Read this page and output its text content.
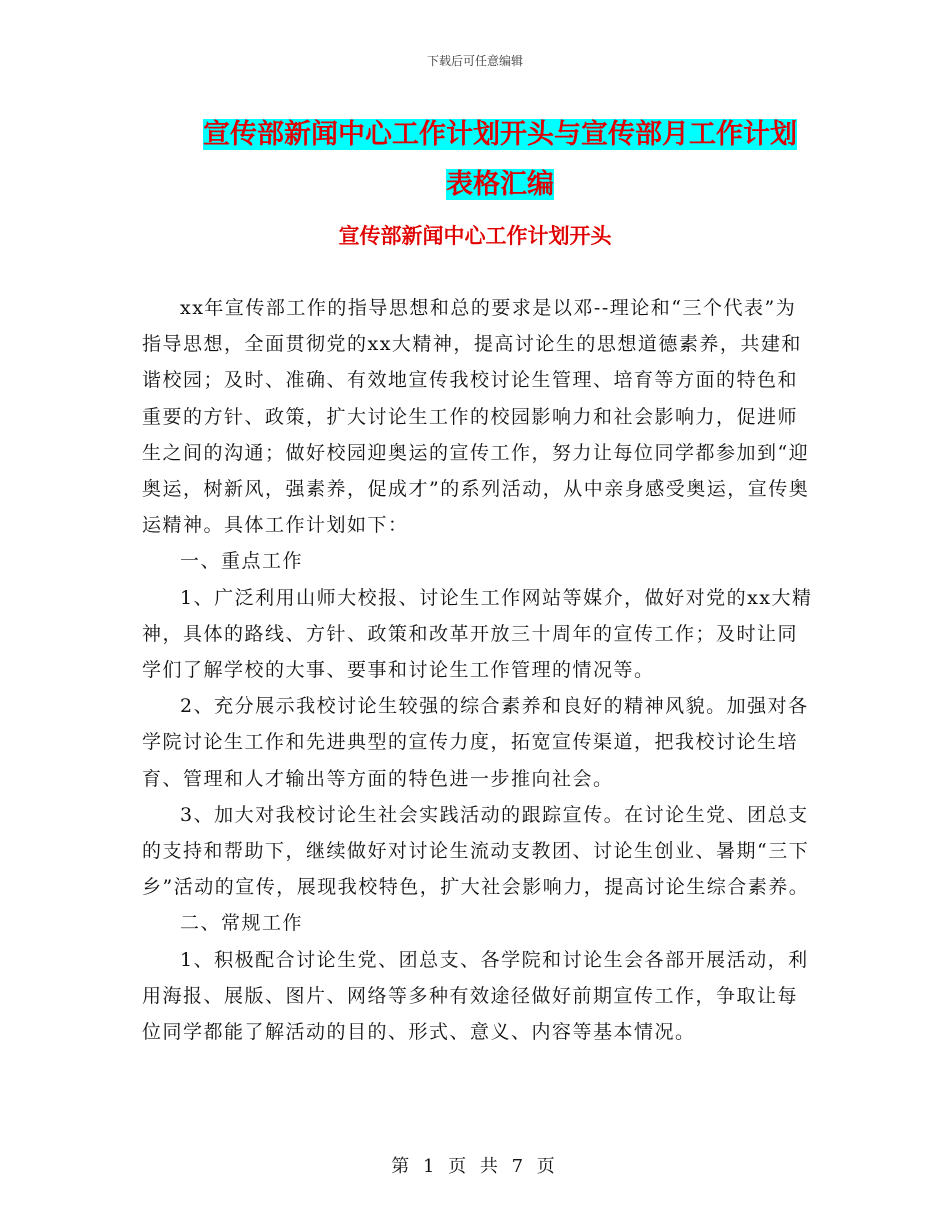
下载后可任意编辑
宣传部新闻中心工作计划开头与宣传部月工作计划表格汇编
宣传部新闻中心工作计划开头

xx年宣传部工作的指导思想和总的要求是以邓--理论和“三个代表”为指导思想，全面贯彻党的xx大精神，提高讨论生的思想道德素养，共建和谐校园；及时、准确、有效地宣传我校讨论生管理、培育等方面的特色和重要的方针、政策，扩大讨论生工作的校园影响力和社会影响力，促进师生之间的沟通；做好校园迎奥运的宣传工作，努力让每位同学都参加到“迎奥运，树新风，强素养，促成才”的系列活动，从中亲身感受奥运，宣传奥运精神。具体工作计划如下：

一、重点工作

1、广泛利用山师大校报、讨论生工作网站等媒介，做好对党的xx大精神，具体的路线、方针、政策和改革开放三十周年的宣传工作；及时让同学们了解学校的大事、要事和讨论生工作管理的情况等。

2、充分展示我校讨论生较强的综合素养和良好的精神风貌。加强对各学院讨论生工作和先进典型的宣传力度，拓宽宣传渠道，把我校讨论生培育、管理和人才输出等方面的特色进一步推向社会。

3、加大对我校讨论生社会实践活动的跟踪宣传。在讨论生党、团总支的支持和帮助下，继续做好对讨论生流动支教团、讨论生创业、暑期“三下乡”活动的宣传，展现我校特色，扩大社会影响力，提高讨论生综合素养。

二、常规工作

1、积极配合讨论生党、团总支、各学院和讨论生会各部开展活动，利用海报、展版、图片、网络等多种有效途径做好前期宣传工作，争取让每位同学都能了解活动的目的、形式、意义、内容等基本情况。

第 1 页 共 7 页
